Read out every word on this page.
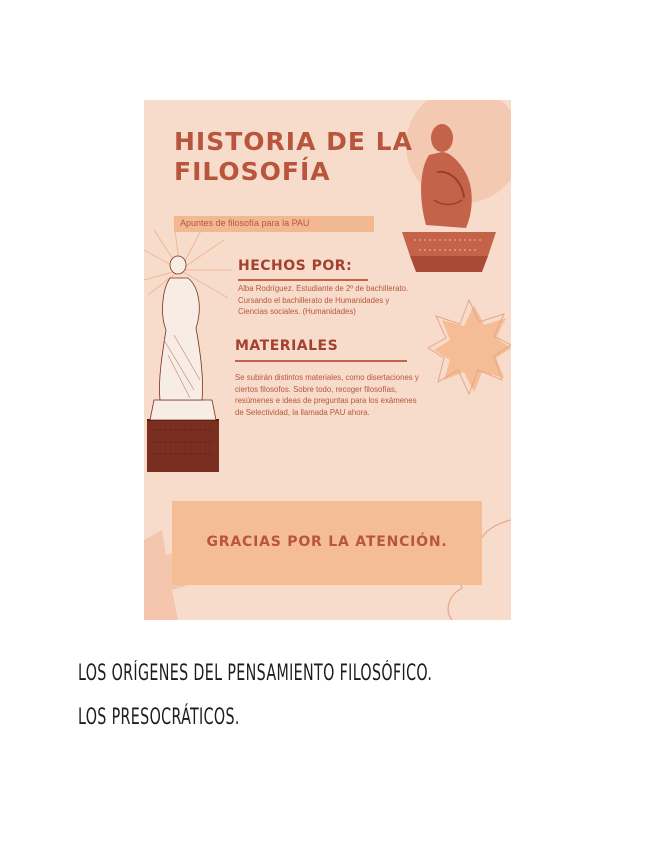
HISTORIA DE LA FILOSOFÍA
Apuntes de filosofía para la PAU
HECHOS POR:

Alba Rodríguez. Estudiante de 2º de bachillerato. Cursando el bachillerato de Humanidades y Ciencias sociales. (Humanidades)

MATERIALES

Se subirán distintos materiales, como disertaciones y ciertos filosofos. Sobre todo, recoger filosofías, resúmenes e ideas de preguntas para los exámenes de Selectividad, la llamada PAU ahora.

GRACIAS POR LA ATENCIÓN.

LOS ORÍGENES DEL PENSAMIENTO FILOSÓFICO. LOS PRESOCRÁTICOS.
